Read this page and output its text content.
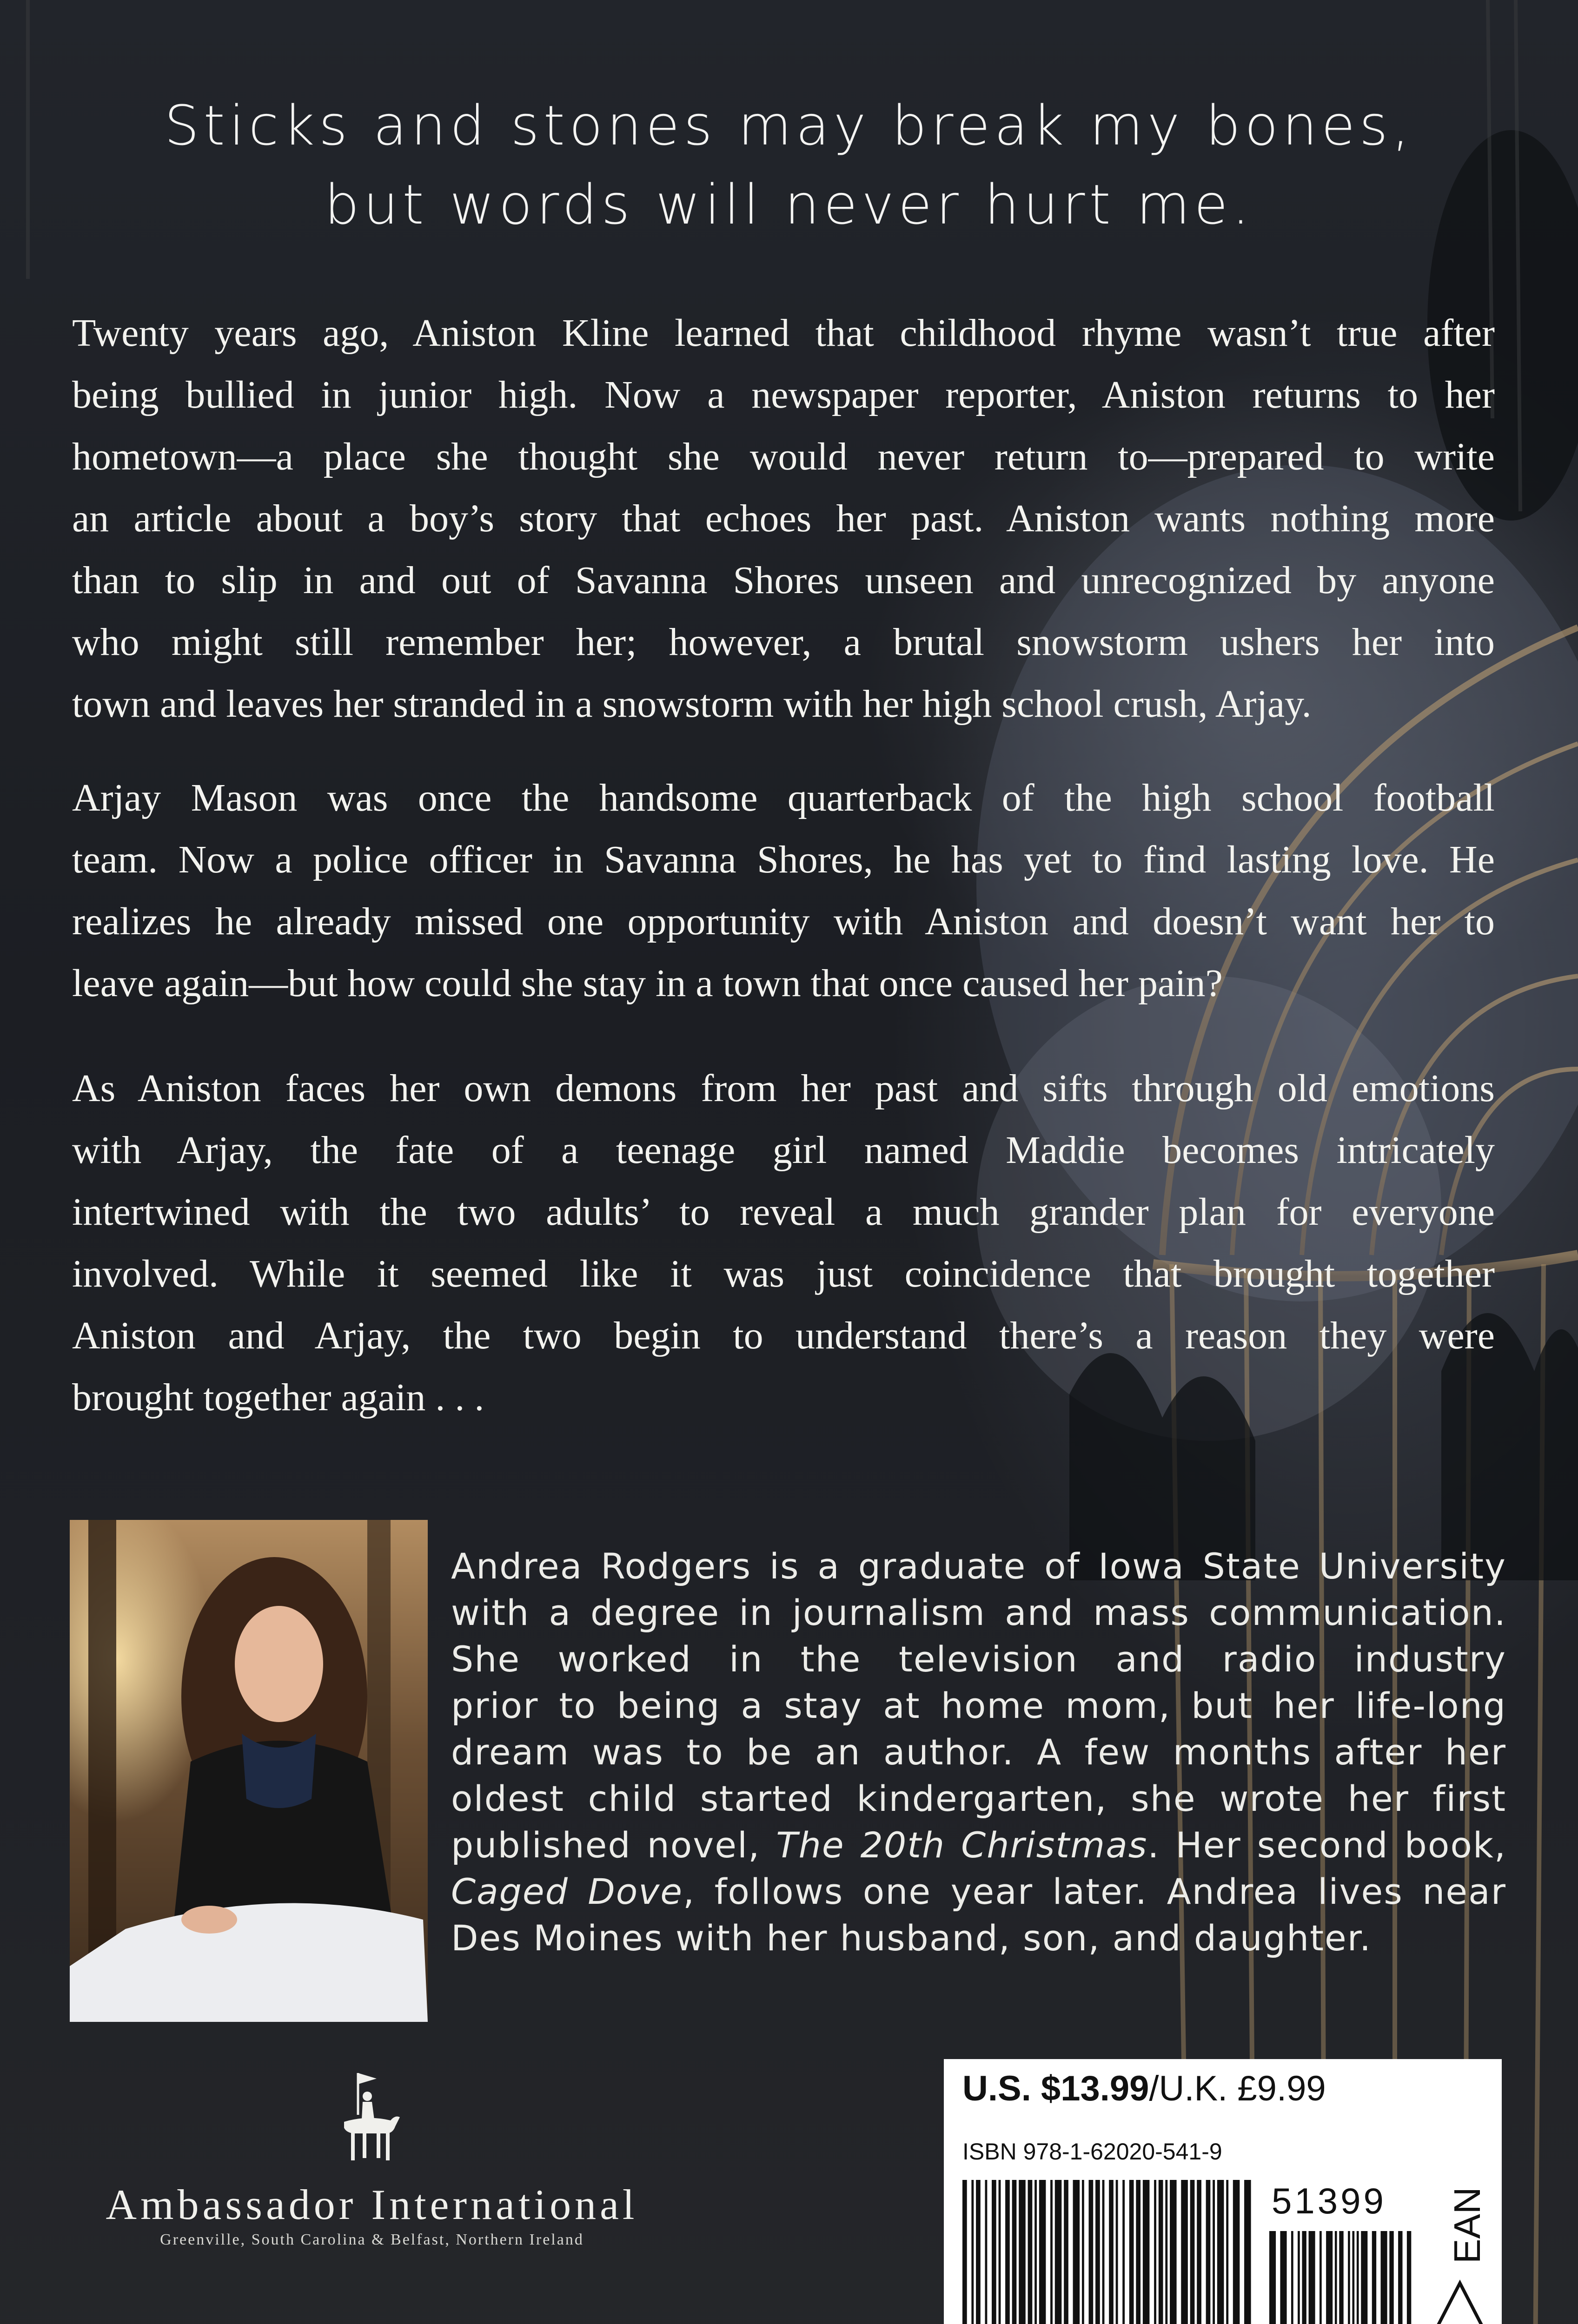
Sticks and stones may break my bones,
but words will never hurt me.
Twenty years ago, Aniston Kline learned that childhood rhyme wasn’t true after
being bullied in junior high. Now a newspaper reporter, Aniston returns to her
hometown—a place she thought she would never return to—prepared to write
an article about a boy’s story that echoes her past. Aniston wants nothing more
than to slip in and out of Savanna Shores unseen and unrecognized by anyone
who might still remember her; however, a brutal snowstorm ushers her into
town and leaves her stranded in a snowstorm with her high school crush, Arjay.
Arjay Mason was once the handsome quarterback of the high school football
team. Now a police officer in Savanna Shores, he has yet to find lasting love. He
realizes he already missed one opportunity with Aniston and doesn’t want her to
leave again—but how could she stay in a town that once caused her pain?
As Aniston faces her own demons from her past and sifts through old emotions
with Arjay, the fate of a teenage girl named Maddie becomes intricately
intertwined with the two adults’ to reveal a much grander plan for everyone
involved. While it seemed like it was just coincidence that brought together
Aniston and Arjay, the two begin to understand there’s a reason they were
brought together again . . .
Andrea Rodgers is a graduate of Iowa State University
with a degree in journalism and mass communication.
She worked in the television and radio industry
prior to being a stay at home mom, but her life-long
dream was to be an author. A few months after her
oldest child started kindergarten, she wrote her first
published novel, The 20th Christmas. Her second book,
Caged Dove, follows one year later. Andrea lives near
Des Moines with her husband, son, and daughter.
Ambassador International
Greenville, South Carolina & Belfast, Northern Ireland
U.S. $13.99/U.K. £9.99
ISBN 978-1-62020-541-9
51399 EAN
